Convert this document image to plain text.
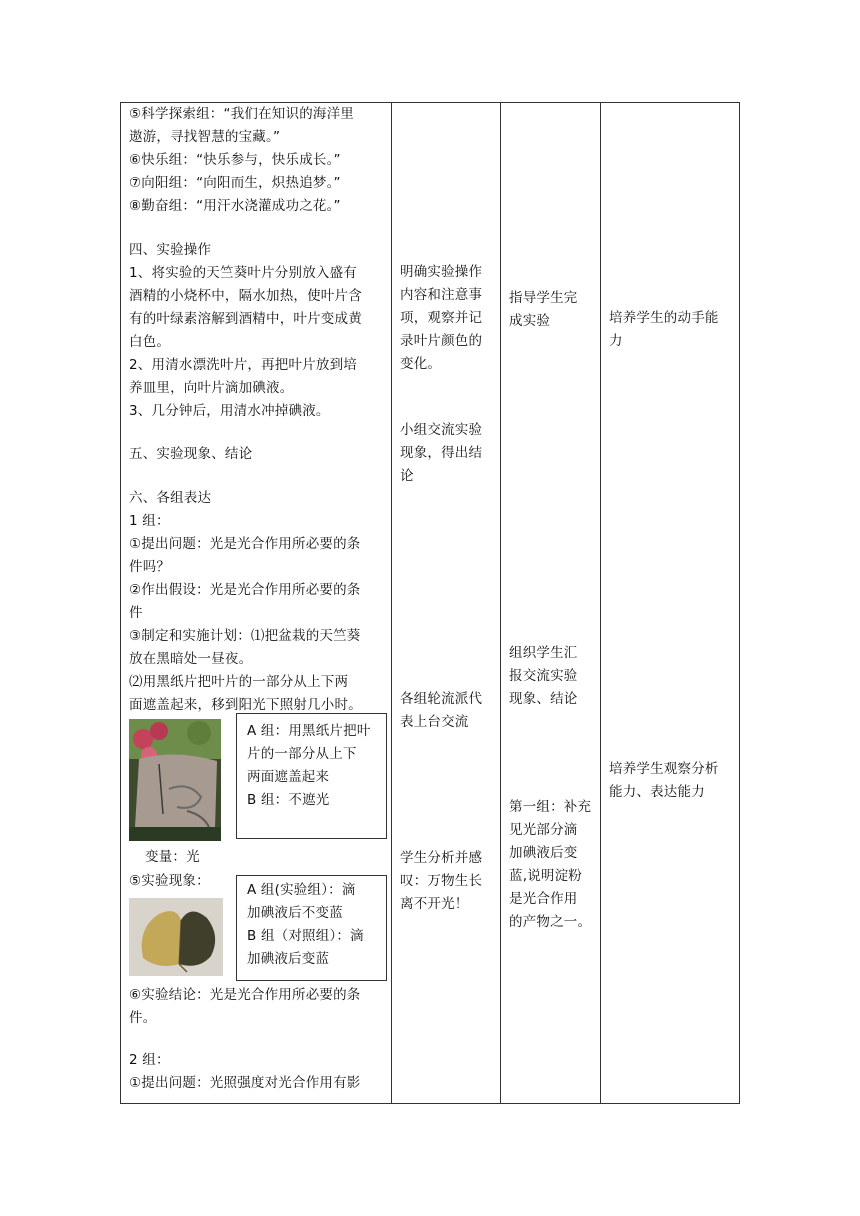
⑤科学探索组：“我们在知识的海洋里
遨游，寻找智慧的宝藏。”
⑥快乐组：“快乐参与，快乐成长。”
⑦向阳组：“向阳而生，炽热追梦。”
⑧勤奋组：“用汗水浇灌成功之花。”
四、实验操作
1、将实验的天竺葵叶片分别放入盛有
酒精的小烧杯中，隔水加热，使叶片含
有的叶绿素溶解到酒精中，叶片变成黄
白色。
2、用清水漂洗叶片，再把叶片放到培
养皿里，向叶片滴加碘液。
3、几分钟后，用清水冲掉碘液。
五、实验现象、结论
六、各组表达
1 组：
①提出问题：光是光合作用所必要的条
件吗？
②作出假设：光是光合作用所必要的条
件
③制定和实施计划：⑴把盆栽的天竺葵
放在黑暗处一昼夜。
⑵用黑纸片把叶片的一部分从上下两
面遮盖起来，移到阳光下照射几小时。
A 组：用黑纸片把叶
片的一部分从上下
两面遮盖起来
B 组：不遮光
变量：光
⑤实验现象：
A 组(实验组）：滴
加碘液后不变蓝
B 组（对照组）：滴
加碘液后变蓝
⑥实验结论：光是光合作用所必要的条
件。
2 组：
①提出问题：光照强度对光合作用有影
明确实验操作
内容和注意事
项，观察并记
录叶片颜色的
变化。
小组交流实验
现象，得出结
论
各组轮流派代
表上台交流
学生分析并感
叹：万物生长
离不开光！
指导学生完
成实验
组织学生汇
报交流实验
现象、结论
第一组：补充
见光部分滴
加碘液后变
蓝,说明淀粉
是光合作用
的产物之一。
培养学生的动手能
力
培养学生观察分析
能力、表达能力
